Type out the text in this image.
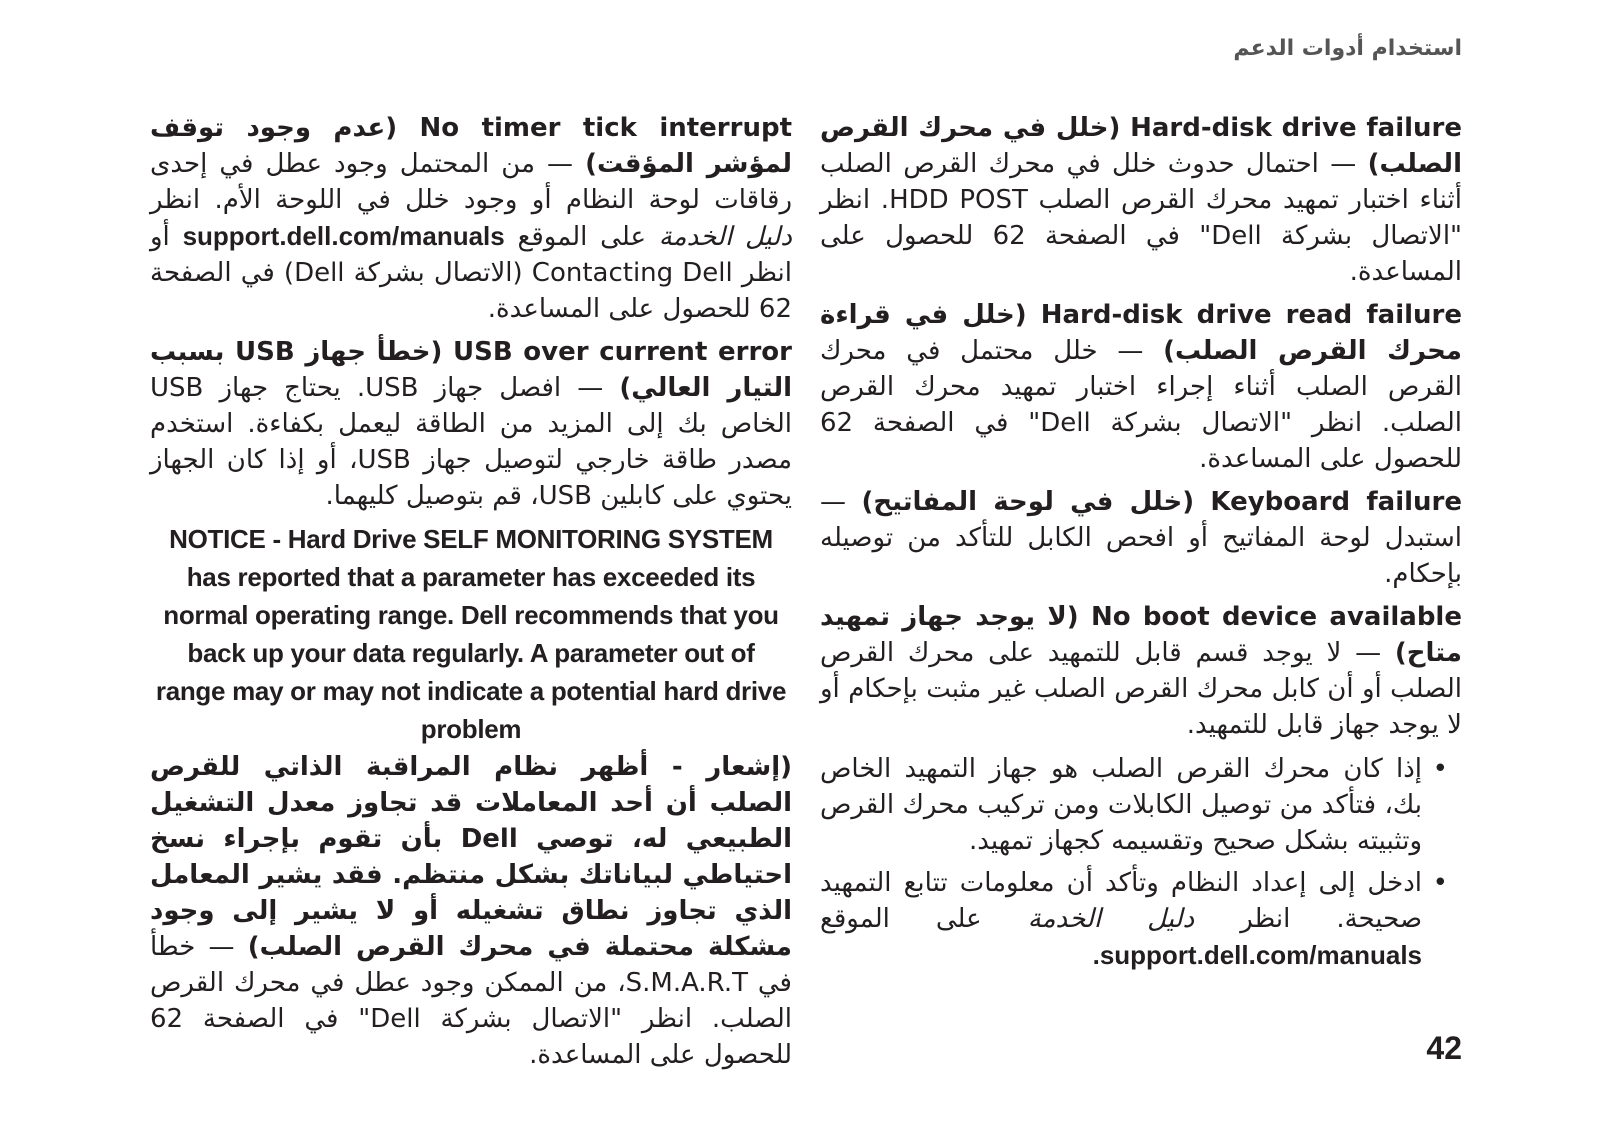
استخدام أدوات الدعم

Hard-disk drive failure (خلل في محرك القرص الصلب) — احتمال حدوث خلل في محرك القرص الصلب أثناء اختبار تمهيد محرك القرص الصلب HDD POST. انظر "الاتصال بشركة Dell" في الصفحة 62 للحصول على المساعدة.

Hard-disk drive read failure (خلل في قراءة محرك القرص الصلب) — خلل محتمل في محرك القرص الصلب أثناء إجراء اختبار تمهيد محرك القرص الصلب. انظر "الاتصال بشركة Dell" في الصفحة 62 للحصول على المساعدة.

Keyboard failure (خلل في لوحة المفاتيح) — استبدل لوحة المفاتيح أو افحص الكابل للتأكد من توصيله بإحكام.

No boot device available (لا يوجد جهاز تمهيد متاح) — لا يوجد قسم قابل للتمهيد على محرك القرص الصلب أو أن كابل محرك القرص الصلب غير مثبت بإحكام أو لا يوجد جهاز قابل للتمهيد.

• إذا كان محرك القرص الصلب هو جهاز التمهيد الخاص بك، فتأكد من توصيل الكابلات ومن تركيب محرك القرص وتثبيته بشكل صحيح وتقسيمه كجهاز تمهيد.
• ادخل إلى إعداد النظام وتأكد أن معلومات تتابع التمهيد صحيحة. انظر دليل الخدمة على الموقع support.dell.com/manuals.

No timer tick interrupt (عدم وجود توقف لمؤشر المؤقت) — من المحتمل وجود عطل في إحدى رقاقات لوحة النظام أو وجود خلل في اللوحة الأم. انظر دليل الخدمة على الموقع support.dell.com/manuals أو انظر Contacting Dell (الاتصال بشركة Dell) في الصفحة 62 للحصول على المساعدة.

USB over current error (خطأ جهاز USB بسبب التيار العالي) — افصل جهاز USB. يحتاج جهاز USB الخاص بك إلى المزيد من الطاقة ليعمل بكفاءة. استخدم مصدر طاقة خارجي لتوصيل جهاز USB، أو إذا كان الجهاز يحتوي على كابلين USB، قم بتوصيل كليهما.

NOTICE - Hard Drive SELF MONITORING SYSTEM has reported that a parameter has exceeded its normal operating range. Dell recommends that you back up your data regularly. A parameter out of range may or may not indicate a potential hard drive problem

(إشعار - أظهر نظام المراقبة الذاتي للقرص الصلب أن أحد المعاملات قد تجاوز معدل التشغيل الطبيعي له، توصي Dell بأن تقوم بإجراء نسخ احتياطي لبياناتك بشكل منتظم. فقد يشير المعامل الذي تجاوز نطاق تشغيله أو لا يشير إلى وجود مشكلة محتملة في محرك القرص الصلب) — خطأ في S.M.A.R.T، من الممكن وجود عطل في محرك القرص الصلب. انظر "الاتصال بشركة Dell" في الصفحة 62 للحصول على المساعدة.	42
